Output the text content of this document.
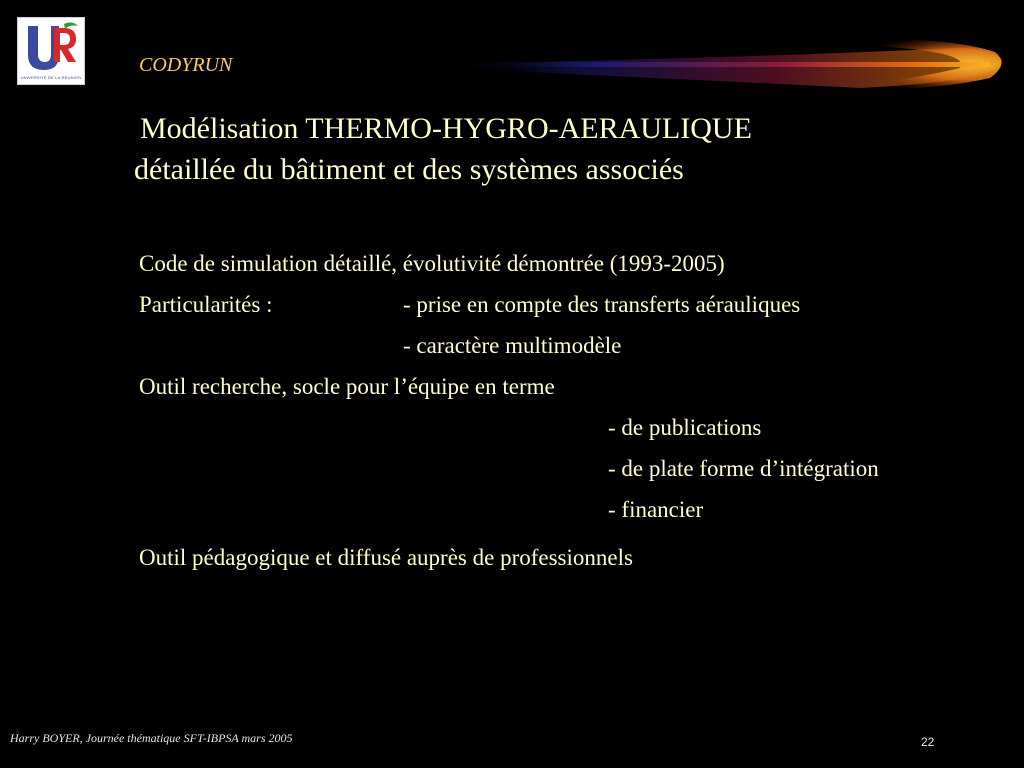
UNIVERSITÉ DE LA RÉUNION
CODYRUN
Modélisation THERMO-HYGRO-AERAULIQUE
détaillée du bâtiment et des systèmes associés
Code de simulation détaillé, évolutivité démontrée (1993-2005)
Particularités :	- prise en compte des transferts aérauliques
- caractère multimodèle
Outil recherche, socle pour l’équipe en terme
- de publications
- de plate forme d’intégration
- financier
Outil pédagogique et diffusé auprès de professionnels
Harry BOYER, Journée thématique SFT-IBPSA mars 2005	22
